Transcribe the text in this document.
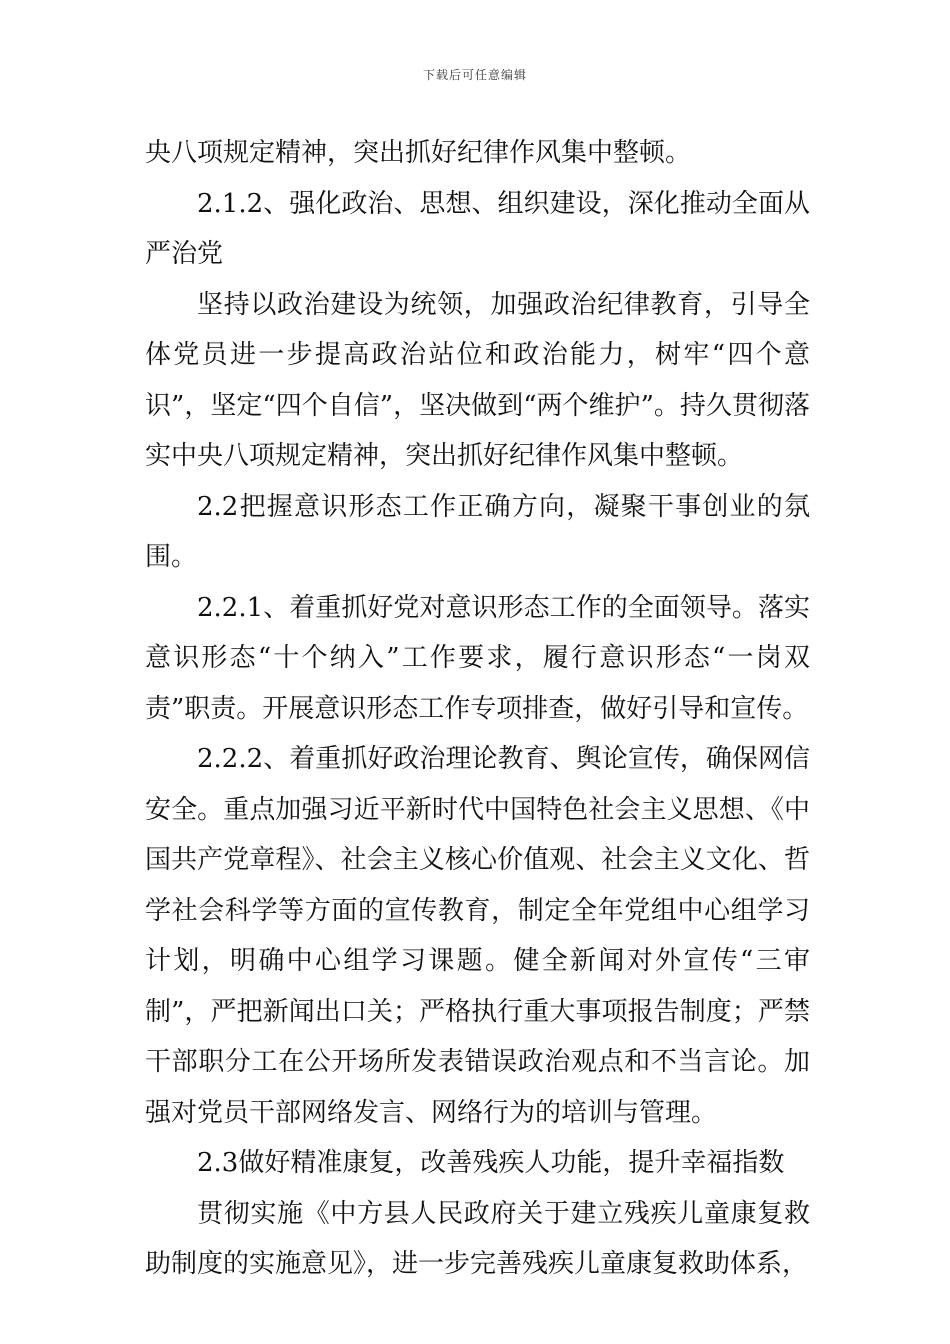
下载后可任意编辑

央八项规定精神，突出抓好纪律作风集中整顿。

2.1.2、强化政治、思想、组织建设，深化推动全面从严治党

坚持以政治建设为统领，加强政治纪律教育，引导全体党员进一步提高政治站位和政治能力，树牢“四个意识”，坚定“四个自信”，坚决做到“两个维护”。持久贯彻落实中央八项规定精神，突出抓好纪律作风集中整顿。

2.2把握意识形态工作正确方向，凝聚干事创业的氛围。

2.2.1、着重抓好党对意识形态工作的全面领导。落实意识形态“十个纳入”工作要求，履行意识形态“一岗双责”职责。开展意识形态工作专项排查，做好引导和宣传。

2.2.2、着重抓好政治理论教育、舆论宣传，确保网信安全。重点加强习近平新时代中国特色社会主义思想、《中国共产党章程》、社会主义核心价值观、社会主义文化、哲学社会科学等方面的宣传教育，制定全年党组中心组学习计划，明确中心组学习课题。健全新闻对外宣传“三审制”，严把新闻出口关；严格执行重大事项报告制度；严禁干部职分工在公开场所发表错误政治观点和不当言论。加强对党员干部网络发言、网络行为的培训与管理。

2.3做好精准康复，改善残疾人功能，提升幸福指数

贯彻实施《中方县人民政府关于建立残疾儿童康复救助制度的实施意见》，进一步完善残疾儿童康复救助体系，
